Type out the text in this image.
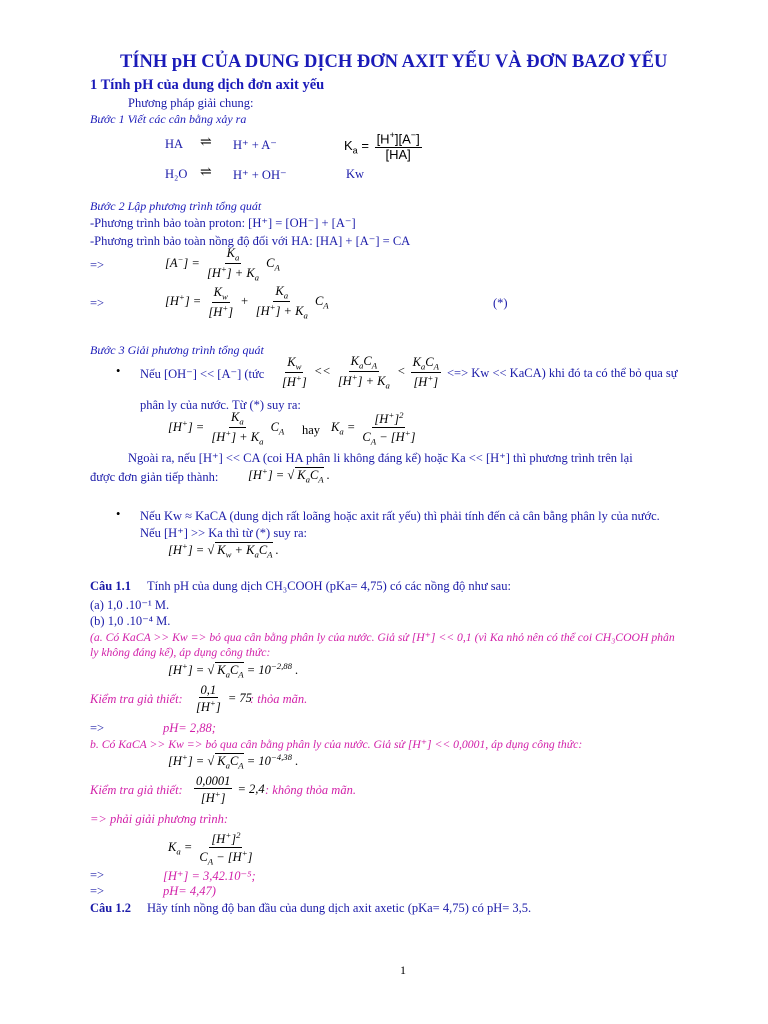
TÍNH pH CỦA DUNG DỊCH ĐƠN AXIT YẾU VÀ ĐƠN BAZƠ YẾU
1 Tính pH của dung dịch đơn axit yếu
Phương pháp giải chung:
Bước 1 Viết các cân bằng xảy ra
HA ⇌ H⁺ + A⁻	$K_a = \frac{[H^+][A^-]}{[HA]}$
H₂O ⇌ H⁺ + OH⁻	Kw
Bước 2 Lập phương trình tổng quát
-Phương trình bảo toàn proton: [H⁺] = [OH⁻] + [A⁻]
-Phương trình bảo toàn nồng độ đối với HA: [HA] + [A⁻] = CA
=>	$[A^-] = \frac{K_a}{[H^+] + K_a} C_A$
=>	$[H^+] = \frac{K_w}{[H^+]} + \frac{K_a}{[H^+] + K_a} C_A$	(*)
Bước 3 Giải phương trình tổng quát
• Nếu [OH⁻] << [A⁻] (tức $\frac{K_w}{[H^+]} << \frac{K_aC_A}{[H^+] + K_a} < \frac{K_aC_A}{[H^+]}$ <=> Kw << KaCA) khi đó ta có thể bỏ qua sự
phân ly của nước. Từ (*) suy ra:
$[H^+] = \frac{K_a}{[H^+] + K_a} C_A$ hay $K_a = \frac{[H^+]^2}{C_A - [H^+]}$
Ngoài ra, nếu [H⁺] << CA (coi HA phân li không đáng kể) hoặc Ka << [H⁺] thì phương trình trên lại
được đơn giản tiếp thành: [H+] = √ $K_aC_A$ .
• Nếu Kw ≈ KaCA (dung dịch rất loãng hoặc axit rất yếu) thì phải tính đến cả cân bằng phân ly của nước.
Nếu [H⁺] >> Ka thì từ (*) suy ra:
[H+] = √ $K_w + K_aC_A$ .
Câu 1.1 Tính pH của dung dịch CH₃COOH (pKa= 4,75) có các nồng độ như sau:
(a) 1,0 .10⁻¹ M.
(b) 1,0 .10⁻⁴ M.
(a. Có KaCA >> Kw => bỏ qua cân bằng phân ly của nước. Giả sử [H⁺] << 0,1 (vì Ka nhỏ nên có thể coi CH₃COOH phân
ly không đáng kể), áp dụng công thức:
[H+] = √ $K_aC_A = 10^{-2,88}$ .
Kiểm tra giả thiết: $\frac{0,1}{[H^+]} = 75$
: thỏa mãn.
=>	pH= 2,88;
b. Có KaCA >> Kw => bỏ qua cân bằng phân ly của nước. Giả sử [H⁺] << 0,0001, áp dụng công thức:
[H+] = √ $K_aC_A = 10^{-4,38}$ .
Kiểm tra giả thiết: $\frac{0,0001}{[H^+]} = 2,4$ : không thỏa mãn.
=> phải giải phương trình:
$K_a = \frac{[H^+]^2}{C_A - [H^+]}$
=>	[H⁺] = 3,42.10⁻⁵;
=>	pH= 4,47)
Câu 1.2 Hãy tính nồng độ ban đầu của dung dịch axit axetic (pKa= 4,75) có pH= 3,5.
1
